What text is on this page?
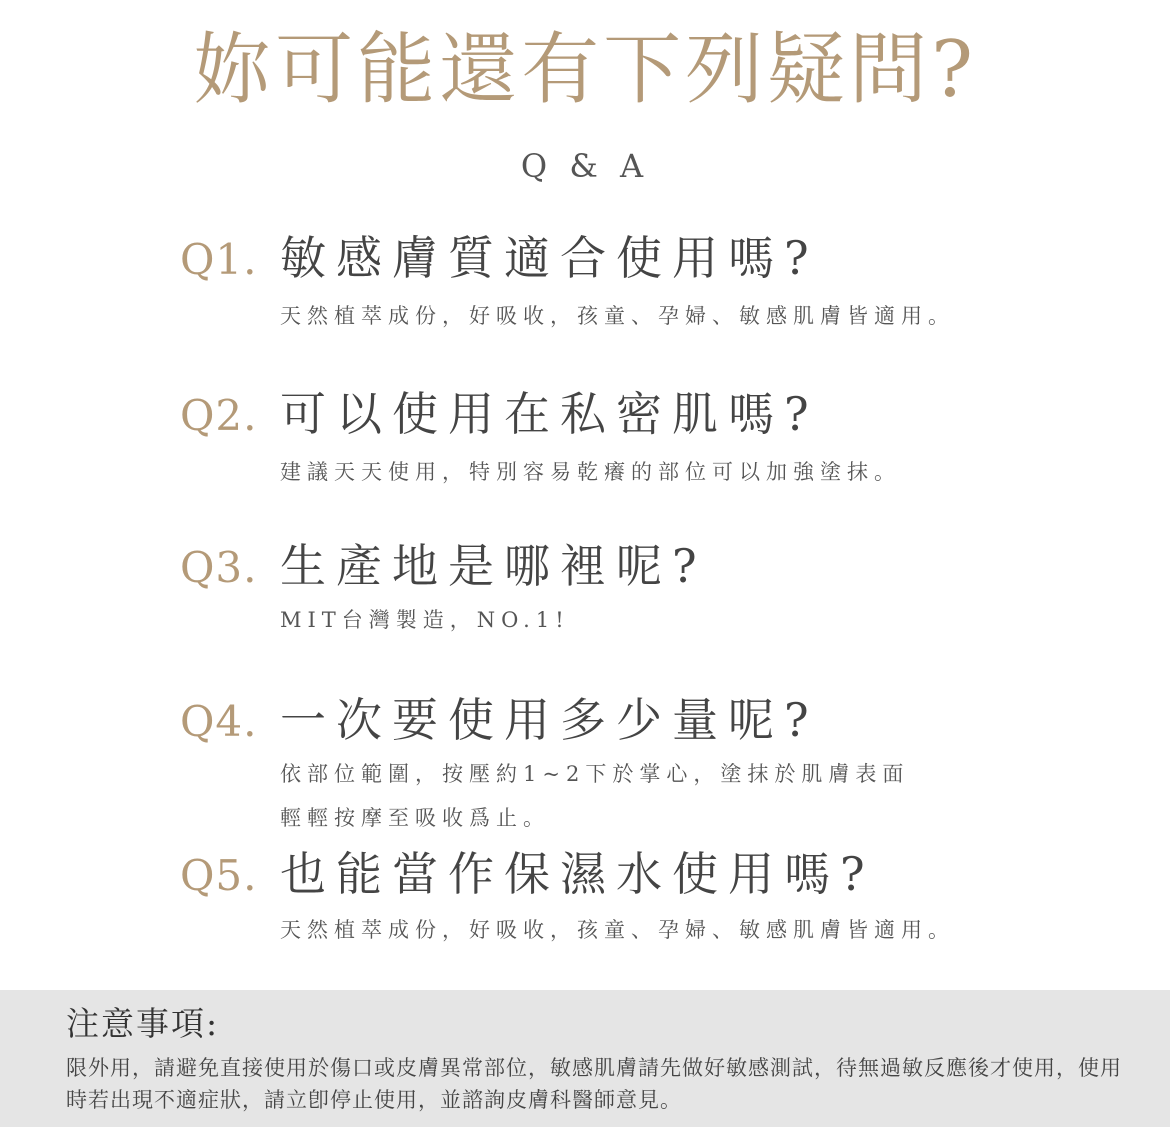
妳可能還有下列疑問?
Q & A
Q1. 敏感膚質適合使用嗎?
天然植萃成份，好吸收，孩童、孕婦、敏感肌膚皆適用。
Q2. 可以使用在私密肌嗎?
建議天天使用，特別容易乾癢的部位可以加強塗抹。
Q3. 生產地是哪裡呢?
MIT台灣製造，NO.1!
Q4. 一次要使用多少量呢?
依部位範圍，按壓約1~2下於掌心，塗抹於肌膚表面
輕輕按摩至吸收爲止。
Q5. 也能當作保濕水使用嗎?
天然植萃成份，好吸收，孩童、孕婦、敏感肌膚皆適用。
注意事項:
限外用，請避免直接使用於傷口或皮膚異常部位，敏感肌膚請先做好敏感測試，待無過敏反應後才使用，使用時若出現不適症狀，請立卽停止使用，並諮詢皮膚科醫師意見。
